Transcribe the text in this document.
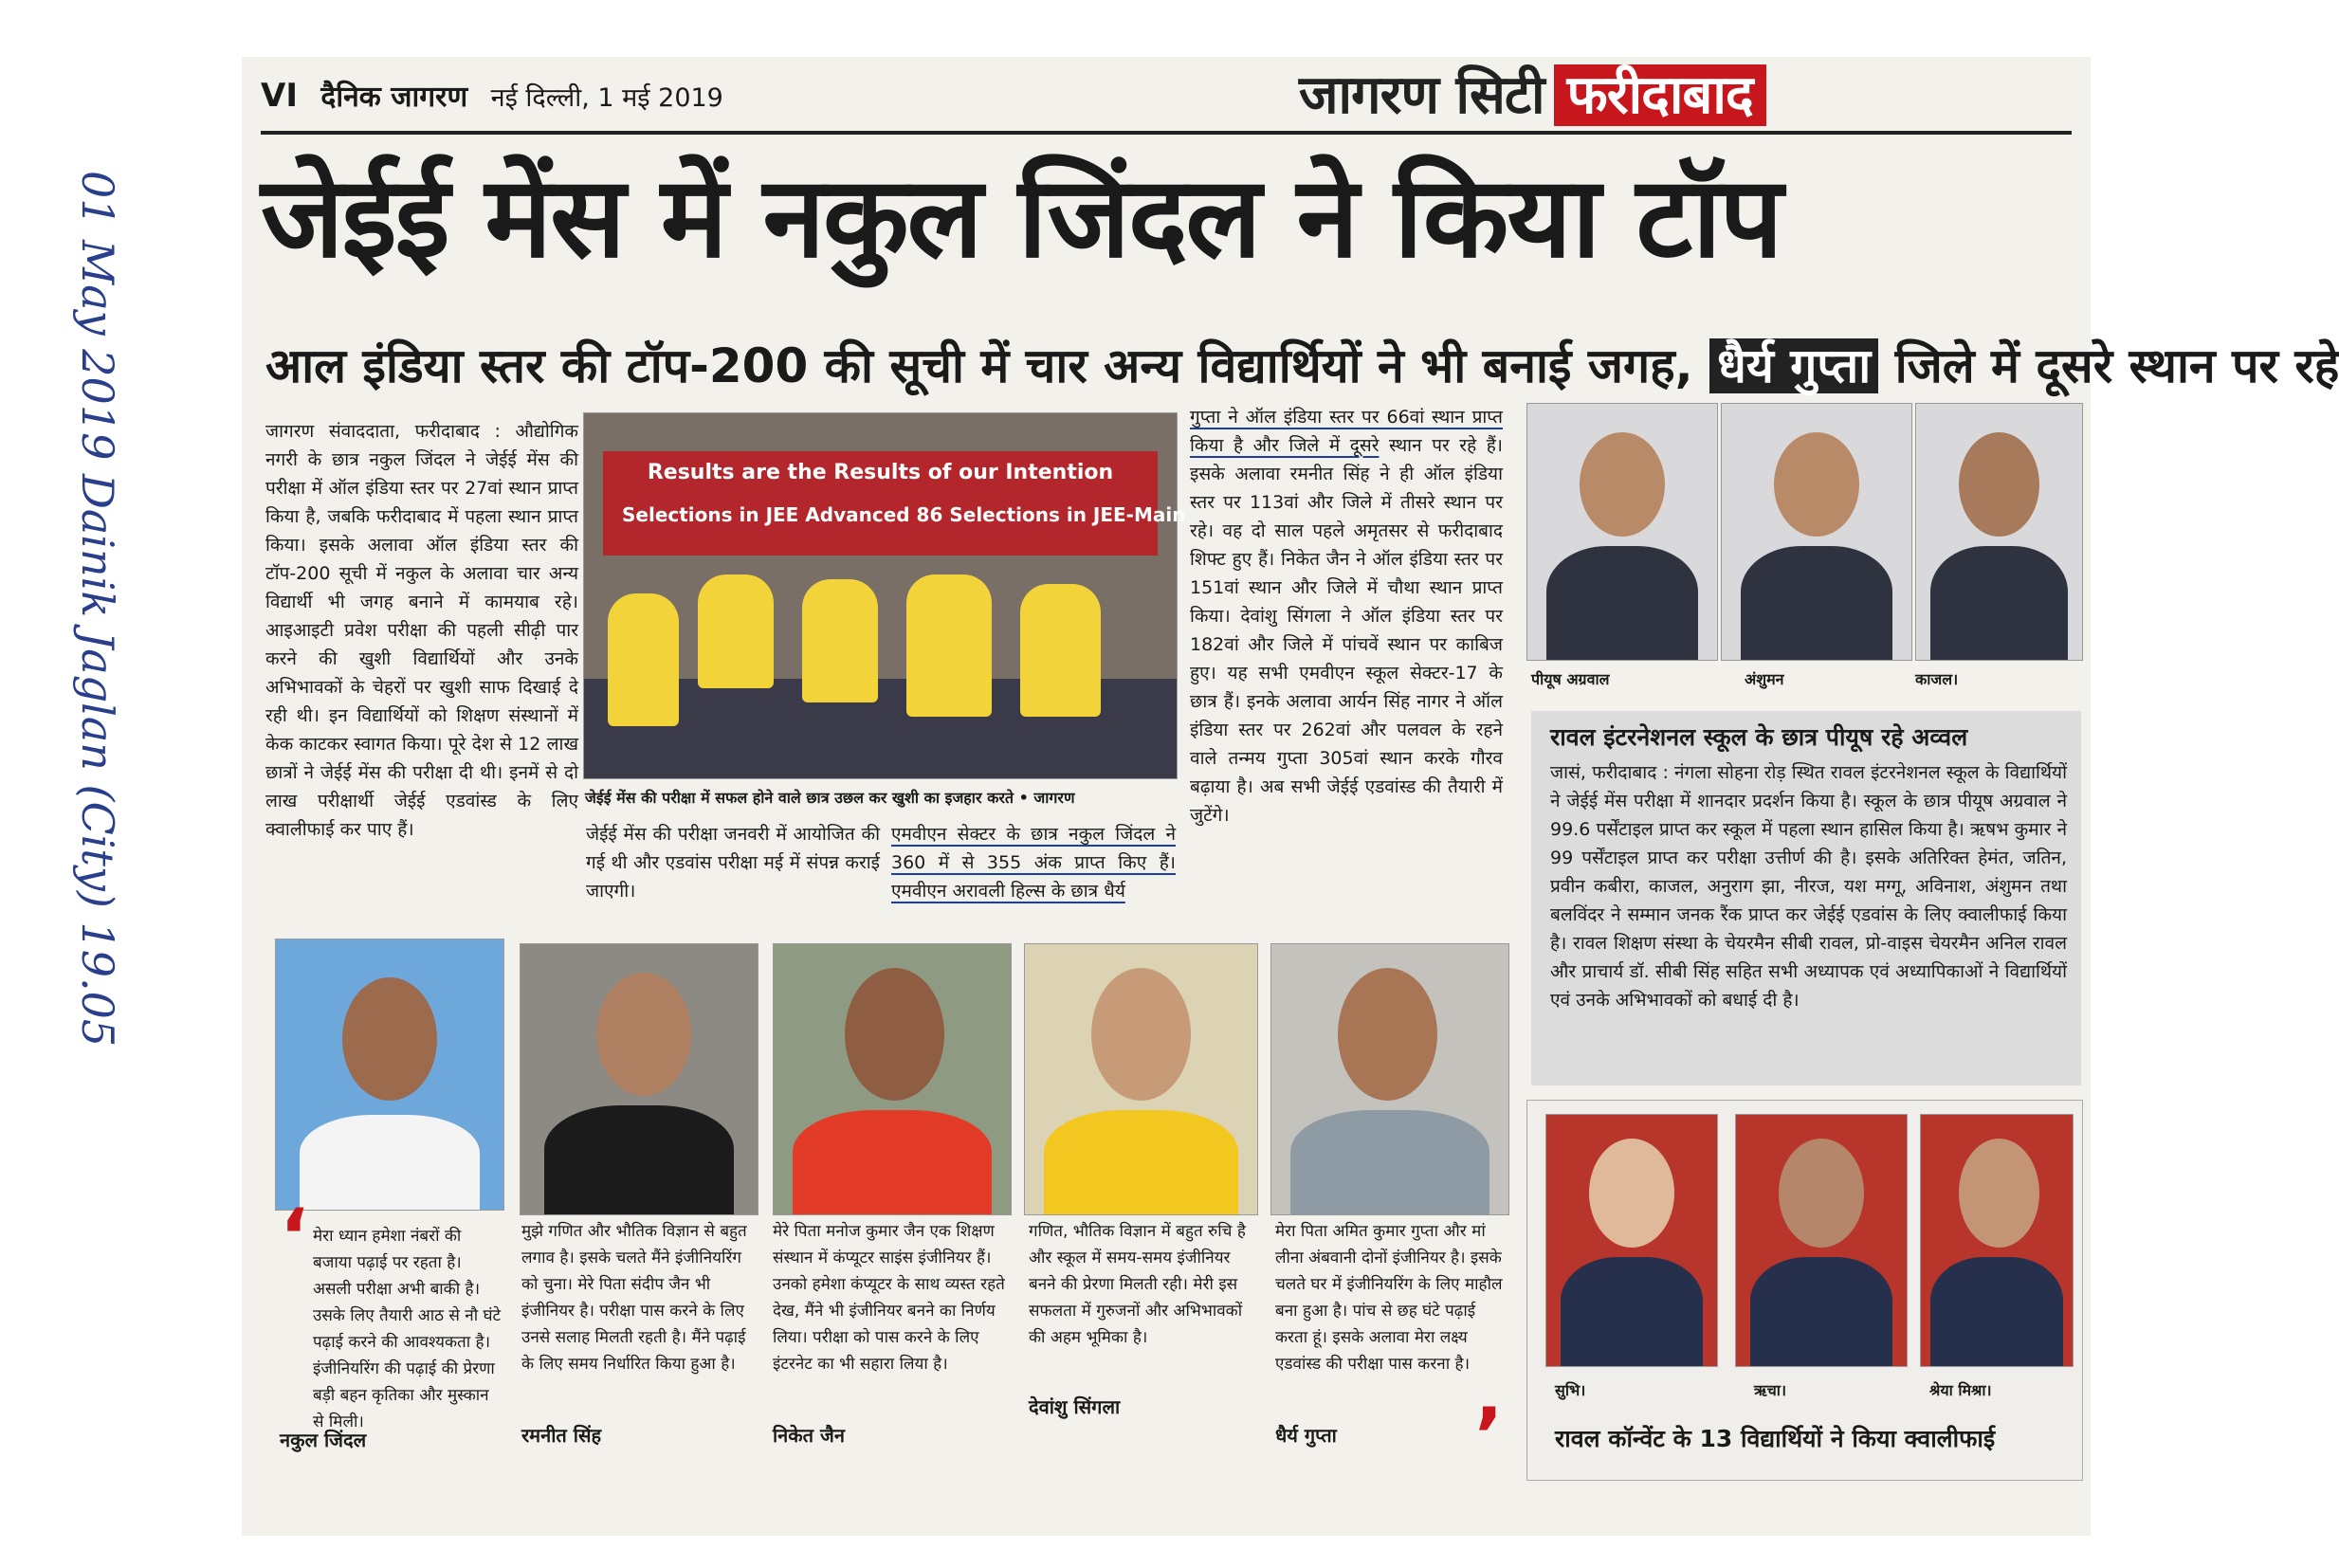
01 May 2019 Dainik Jaglan (City) 19.05
VI दैनिक जागरण नई दिल्ली, 1 मई 2019	जागरण सिटी फरीदाबाद
जेईई मेंस में नकुल जिंदल ने किया टॉप
आल इंडिया स्तर की टॉप-200 की सूची में चार अन्य विद्यार्थियों ने भी बनाई जगह, धैर्य गुप्ता जिले में दूसरे स्थान पर रहे

जागरण संवाददाता, फरीदाबाद : औद्योगिक नगरी के छात्र नकुल जिंदल ने जेईई मेंस की परीक्षा में ऑल इंडिया स्तर पर 27वां स्थान प्राप्त किया है, जबकि फरीदाबाद में पहला स्थान प्राप्त किया। इसके अलावा ऑल इंडिया स्तर की टॉप-200 सूची में नकुल के अलावा चार अन्य विद्यार्थी भी जगह बनाने में कामयाब रहे। आइआइटी प्रवेश परीक्षा की पहली सीढ़ी पार करने की खुशी विद्यार्थियों और उनके अभिभावकों के चेहरों पर खुशी साफ दिखाई दे रही थी। इन विद्यार्थियों को शिक्षण संस्थानों में केक काटकर स्वागत किया। पूरे देश से 12 लाख छात्रों ने जेईई मेंस की परीक्षा दी थी। इनमें से दो लाख परीक्षार्थी जेईई एडवांस्ड के लिए क्वालीफाई कर पाए हैं।

Results are the Results of our Intention
Selections in JEE Advanced 86 Selections in JEE-Main
जेईई मेंस की परीक्षा में सफल होने वाले छात्र उछल कर खुशी का इजहार करते • जागरण

जेईई मेंस की परीक्षा जनवरी में आयोजित की गई थी और एडवांस परीक्षा मई में संपन्न कराई जाएगी।

एमवीएन सेक्टर के छात्र नकुल जिंदल ने 360 में से 355 अंक प्राप्त किए हैं। एमवीएन अरावली हिल्स के छात्र धैर्य

गुप्ता ने ऑल इंडिया स्तर पर 66वां स्थान प्राप्त किया है और जिले में दूसरे स्थान पर रहे हैं। इसके अलावा रमनीत सिंह ने ही ऑल इंडिया स्तर पर 113वां और जिले में तीसरे स्थान पर रहे। वह दो साल पहले अमृतसर से फरीदाबाद शिफ्ट हुए हैं। निकेत जैन ने ऑल इंडिया स्तर पर 151वां स्थान और जिले में चौथा स्थान प्राप्त किया। देवांशु सिंगला ने ऑल इंडिया स्तर पर 182वां और जिले में पांचवें स्थान पर काबिज हुए। यह सभी एमवीएन स्कूल सेक्टर-17 के छात्र हैं। इनके अलावा आर्यन सिंह नागर ने ऑल इंडिया स्तर पर 262वां और पलवल के रहने वाले तन्मय गुप्ता 305वां स्थान करके गौरव बढ़ाया है। अब सभी जेईई एडवांस्ड की तैयारी में जुटेंगे।
पीयूष अग्रवाल	अंशुमन	काजल।
रावल इंटरनेशनल स्कूल के छात्र पीयूष रहे अव्वल
जासं, फरीदाबाद : नंगला सोहना रोड़ स्थित रावल इंटरनेशनल स्कूल के विद्यार्थियों ने जेईई मेंस परीक्षा में शानदार प्रदर्शन किया है। स्कूल के छात्र पीयूष अग्रवाल ने 99.6 पर्सेंटाइल प्राप्त कर स्कूल में पहला स्थान हासिल किया है। ऋषभ कुमार ने 99 पर्सेंटाइल प्राप्त कर परीक्षा उत्तीर्ण की है। इसके अतिरिक्त हेमंत, जतिन, प्रवीन कबीरा, काजल, अनुराग झा, नीरज, यश मग्गू, अविनाश, अंशुमन तथा बलविंदर ने सम्मान जनक रैंक प्राप्त कर जेईई एडवांस के लिए क्वालीफाई किया है। रावल शिक्षण संस्था के चेयरमैन सीबी रावल, प्रो-वाइस चेयरमैन अनिल रावल और प्राचार्य डॉ. सीबी सिंह सहित सभी अध्यापक एवं अध्यापिकाओं ने विद्यार्थियों एवं उनके अभिभावकों को बधाई दी है।
‘ मेरा ध्यान हमेशा नंबरों की बजाया पढ़ाई पर रहता है। असली परीक्षा अभी बाकी है। उसके लिए तैयारी आठ से नौ घंटे पढ़ाई करने की आवश्यकता है। इंजीनियरिंग की पढ़ाई की प्रेरणा बड़ी बहन कृतिका और मुस्कान से मिली।
नकुल जिंदल
मुझे गणित और भौतिक विज्ञान से बहुत लगाव है। इसके चलते मैंने इंजीनियरिंग को चुना। मेरे पिता संदीप जैन भी इंजीनियर है। परीक्षा पास करने के लिए उनसे सलाह मिलती रहती है। मैंने पढ़ाई के लिए समय निर्धारित किया हुआ है।
रमनीत सिंह
मेरे पिता मनोज कुमार जैन एक शिक्षण संस्थान में कंप्यूटर साइंस इंजीनियर हैं। उनको हमेशा कंप्यूटर के साथ व्यस्त रहते देख, मैंने भी इंजीनियर बनने का निर्णय लिया। परीक्षा को पास करने के लिए इंटरनेट का भी सहारा लिया है।
निकेत जैन
गणित, भौतिक विज्ञान में बहुत रुचि है और स्कूल में समय-समय इंजीनियर बनने की प्रेरणा मिलती रही। मेरी इस सफलता में गुरुजनों और अभिभावकों की अहम भूमिका है।
देवांशु सिंगला
मेरा पिता अमित कुमार गुप्ता और मां लीना अंबवानी दोनों इंजीनियर है। इसके चलते घर में इंजीनियरिंग के लिए माहौल बना हुआ है। पांच से छह घंटे पढ़ाई करता हूं। इसके अलावा मेरा लक्ष्य एडवांस्ड की परीक्षा पास करना है।
धैर्य गुप्ता ’
सुभि।	ऋचा।	श्रेया मिश्रा।
रावल कॉन्वेंट के 13 विद्यार्थियों ने किया क्वालीफाई
